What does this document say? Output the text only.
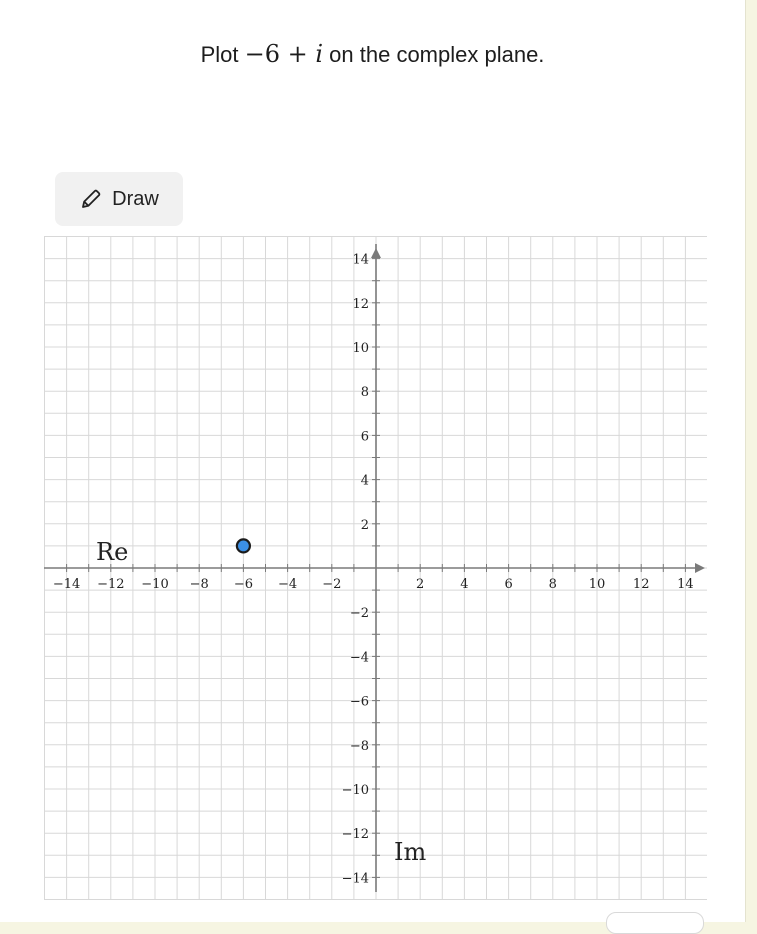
Plot −6 + i on the complex plane.
Draw
−14 −12 −10 −8 −6 −4 −2	2	4	6	8 10 12 14
14
12
10
8
6
4
2
−2
−4
−6
−8
−10
−12
−14
Re
Im
